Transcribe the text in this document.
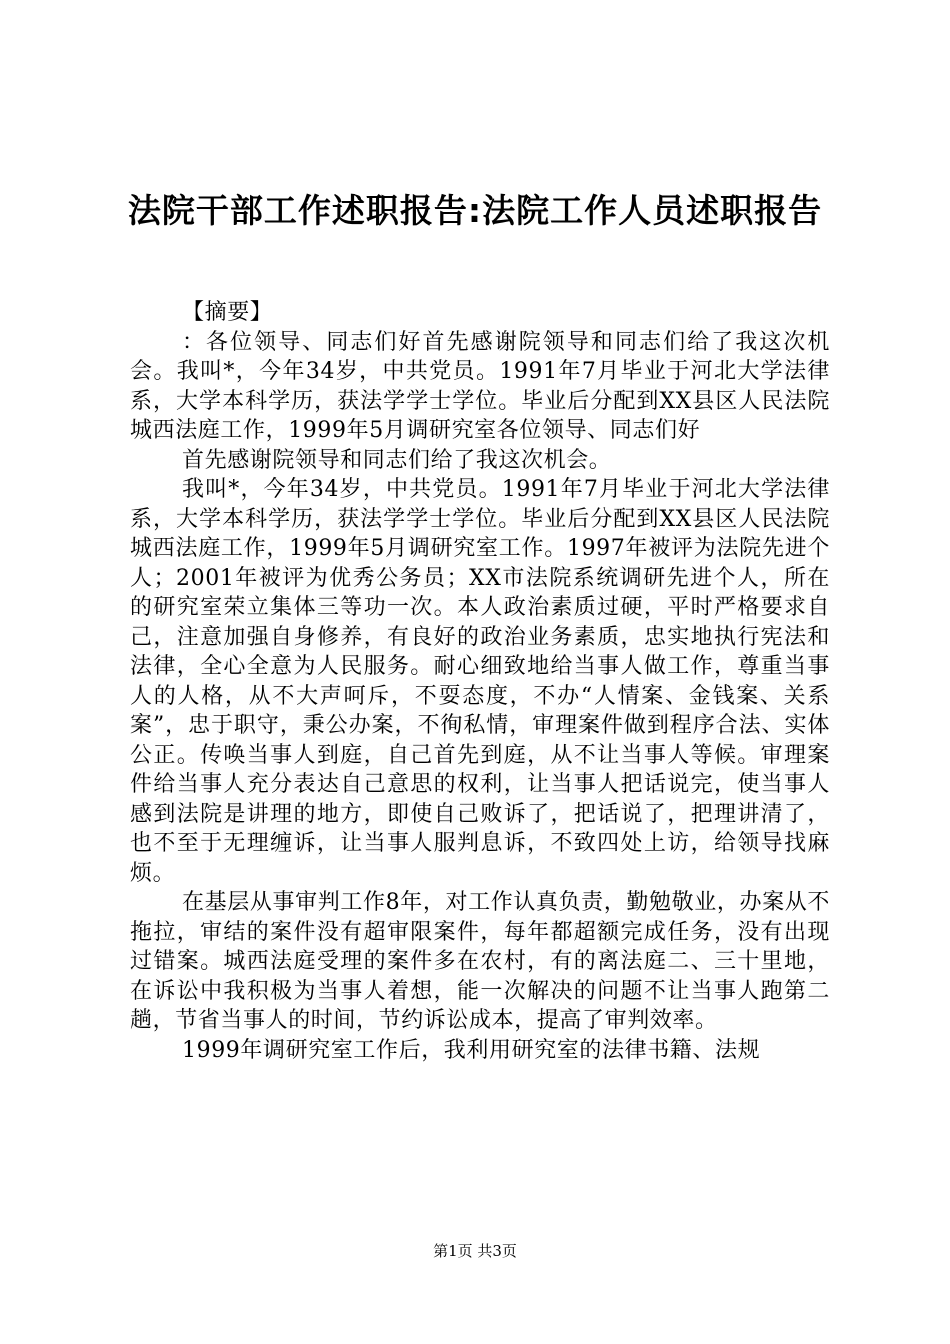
法院干部工作述职报告:法院工作人员述职报告

【摘要】

：各位领导、同志们好首先感谢院领导和同志们给了我这次机会。我叫*，今年34岁，中共党员。1991年7月毕业于河北大学法律系，大学本科学历，获法学学士学位。毕业后分配到XX县区人民法院城西法庭工作，1999年5月调研究室各位领导、同志们好

首先感谢院领导和同志们给了我这次机会。

我叫*，今年34岁，中共党员。1991年7月毕业于河北大学法律系，大学本科学历，获法学学士学位。毕业后分配到XX县区人民法院城西法庭工作，1999年5月调研究室工作。1997年被评为法院先进个人；2001年被评为优秀公务员；XX市法院系统调研先进个人，所在的研究室荣立集体三等功一次。本人政治素质过硬，平时严格要求自己，注意加强自身修养，有良好的政治业务素质，忠实地执行宪法和法律，全心全意为人民服务。耐心细致地给当事人做工作，尊重当事人的人格，从不大声呵斥，不耍态度，不办“人情案、金钱案、关系案”，忠于职守，秉公办案，不徇私情，审理案件做到程序合法、实体公正。传唤当事人到庭，自己首先到庭，从不让当事人等候。审理案件给当事人充分表达自己意思的权利，让当事人把话说完，使当事人感到法院是讲理的地方，即使自己败诉了，把话说了，把理讲清了，也不至于无理缠诉，让当事人服判息诉，不致四处上访，给领导找麻烦。

在基层从事审判工作8年，对工作认真负责，勤勉敬业，办案从不拖拉，审结的案件没有超审限案件，每年都超额完成任务，没有出现过错案。城西法庭受理的案件多在农村，有的离法庭二、三十里地，在诉讼中我积极为当事人着想，能一次解决的问题不让当事人跑第二趟，节省当事人的时间，节约诉讼成本，提高了审判效率。

1999年调研究室工作后，我利用研究室的法律书籍、法规

第1页 共3页
